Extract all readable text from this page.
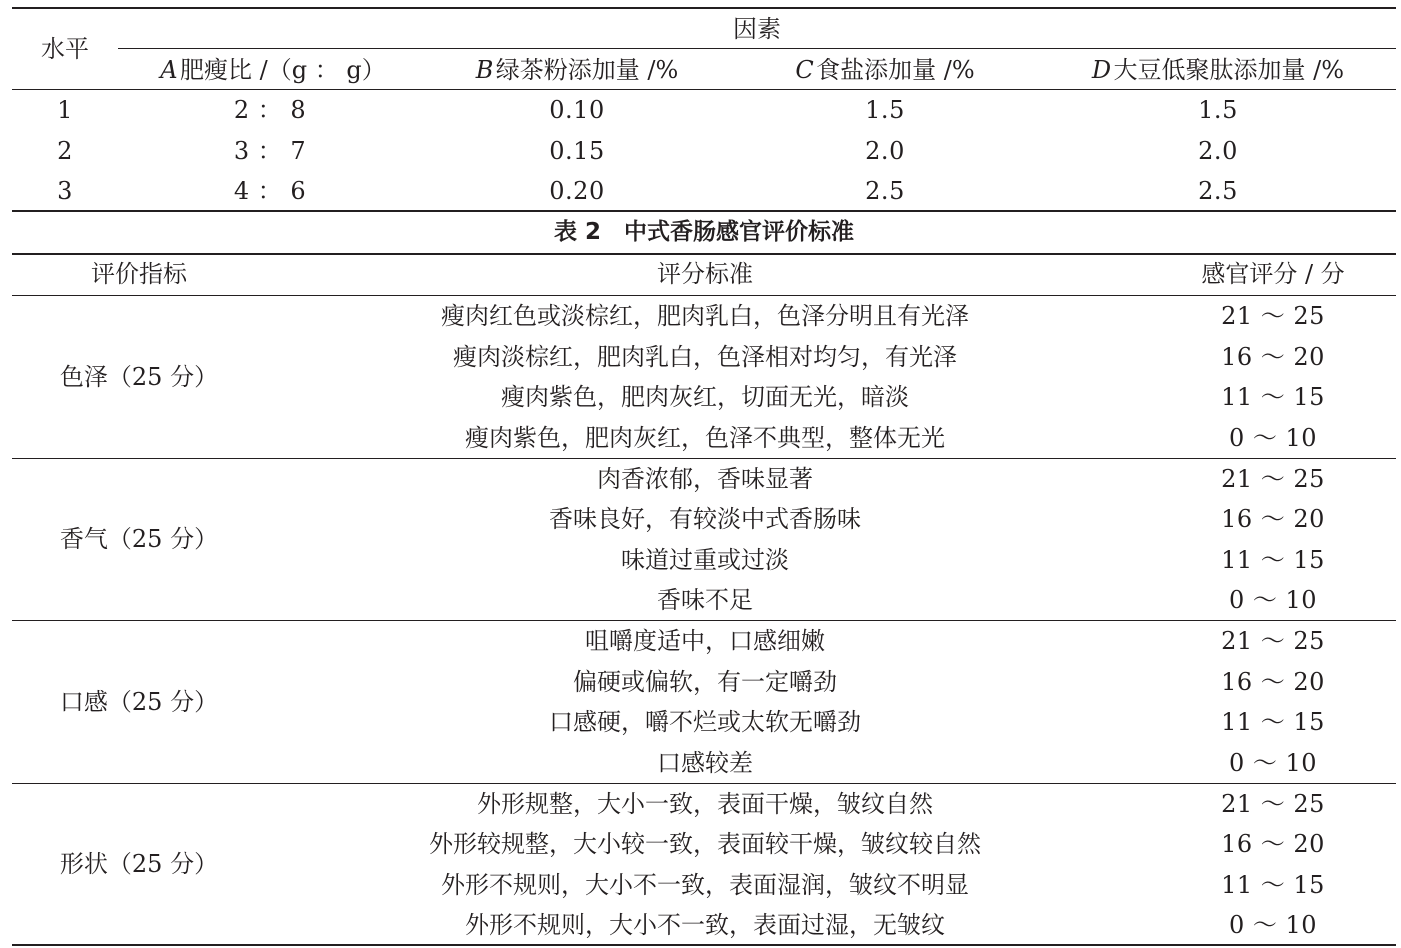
水平
因素
A 肥瘦比 /（g ： g）	B 绿茶粉添加量 /%	C 食盐添加量 /%	D 大豆低聚肽添加量 /%
1	2 ： 8	0.10	1.5	1.5
2	3 ： 7	0.15	2.0	2.0
3	4 ： 6	0.20	2.5	2.5
表 2　中式香肠感官评价标准
评价指标	评分标准	感官评分 / 分
色泽（25 分）
瘦肉红色或淡棕红，肥肉乳白，色泽分明且有光泽	21 ～ 25
瘦肉淡棕红，肥肉乳白，色泽相对均匀，有光泽	16 ～ 20
瘦肉紫色，肥肉灰红，切面无光，暗淡	11 ～ 15
瘦肉紫色，肥肉灰红，色泽不典型，整体无光	0 ～ 10
香气（25 分）
肉香浓郁，香味显著	21 ～ 25
香味良好，有较淡中式香肠味	16 ～ 20
味道过重或过淡	11 ～ 15
香味不足	0 ～ 10
口感（25 分）
咀嚼度适中，口感细嫩	21 ～ 25
偏硬或偏软，有一定嚼劲	16 ～ 20
口感硬，嚼不烂或太软无嚼劲	11 ～ 15
口感较差	0 ～ 10
形状（25 分）
外形规整，大小一致，表面干燥，皱纹自然	21 ～ 25
外形较规整，大小较一致，表面较干燥，皱纹较自然	16 ～ 20
外形不规则，大小不一致，表面湿润，皱纹不明显	11 ～ 15
外形不规则，大小不一致，表面过湿，无皱纹	0 ～ 10
